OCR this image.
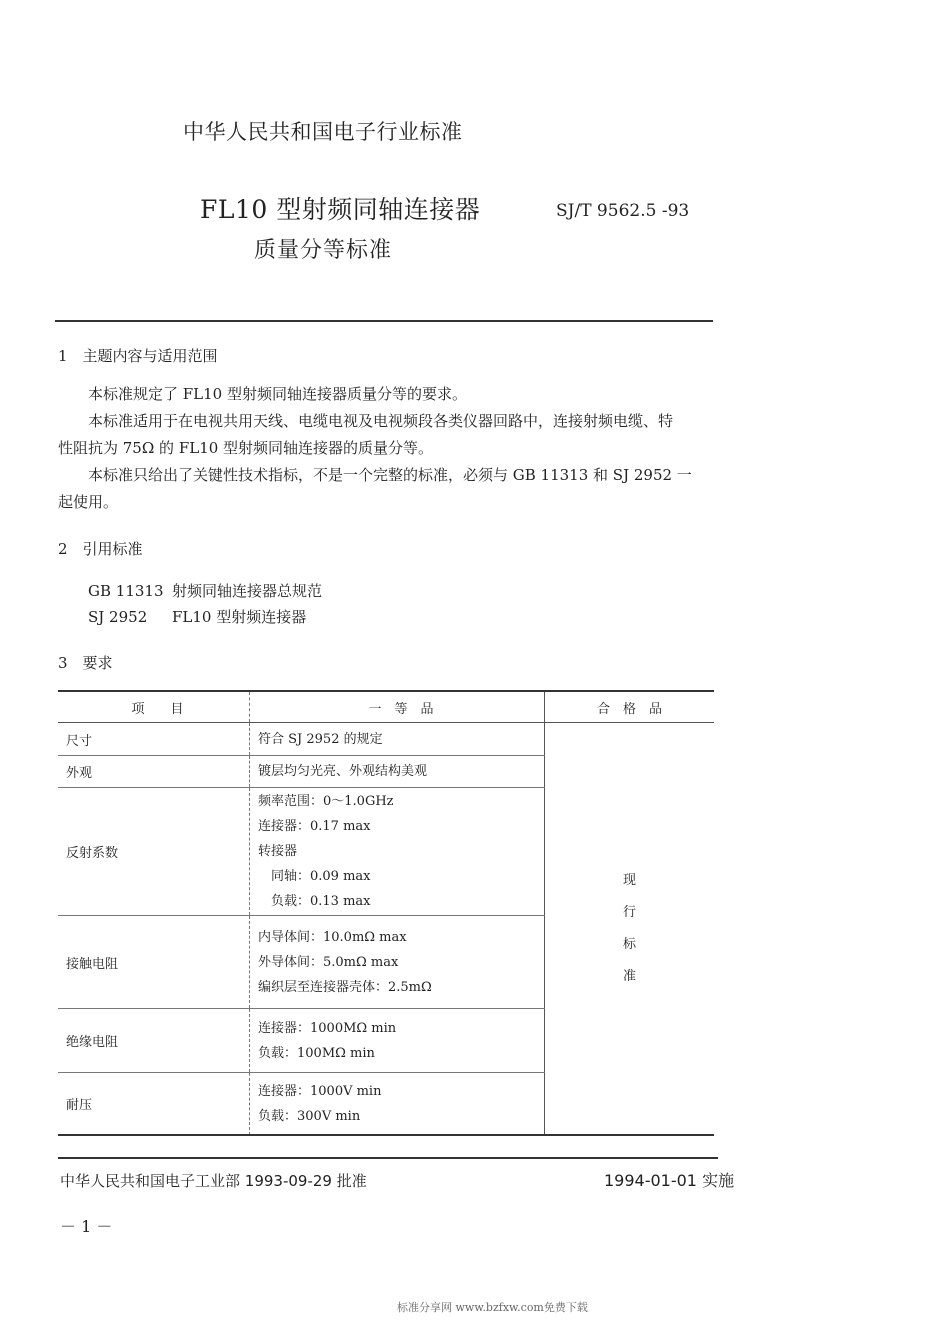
中华人民共和国电子行业标准
FL10 型射频同轴连接器
质量分等标准
SJ/T 9562.5 -93
1　主题内容与适用范围
本标准规定了 FL10 型射频同轴连接器质量分等的要求。
本标准适用于在电视共用天线、电缆电视及电视频段各类仪器回路中，连接射频电缆、特
性阻抗为 75Ω 的 FL10 型射频同轴连接器的质量分等。
本标准只给出了关键性技术指标，不是一个完整的标准，必须与 GB 11313 和 SJ 2952 一
起使用。
2　引用标准
GB 11313 射频同轴连接器总规范
SJ 2952 FL10 型射频连接器
3　要求
项　　目	一　等　品	合　格　品
尺寸	符合 SJ 2952 的规定	现
行
标
准

外观	镀层均匀光亮、外观结构美观	
反射系数	频率范围：0～1.0GHz
连接器：0.17 max
转接器
　同轴：0.09 max
　负载：0.13 max	

接触电阻	内导体间：10.0mΩ max
外导体间：5.0mΩ max
编织层至连接器壳体：2.5mΩ	

绝缘电阻	连接器：1000MΩ min
负载：100MΩ min	

耐压	连接器：1000V min
负载：300V min	
中华人民共和国电子工业部 1993-09-29 批准	1994-01-01 实施
－ 1 －
标准分享网 www.bzfxw.com免费下载
